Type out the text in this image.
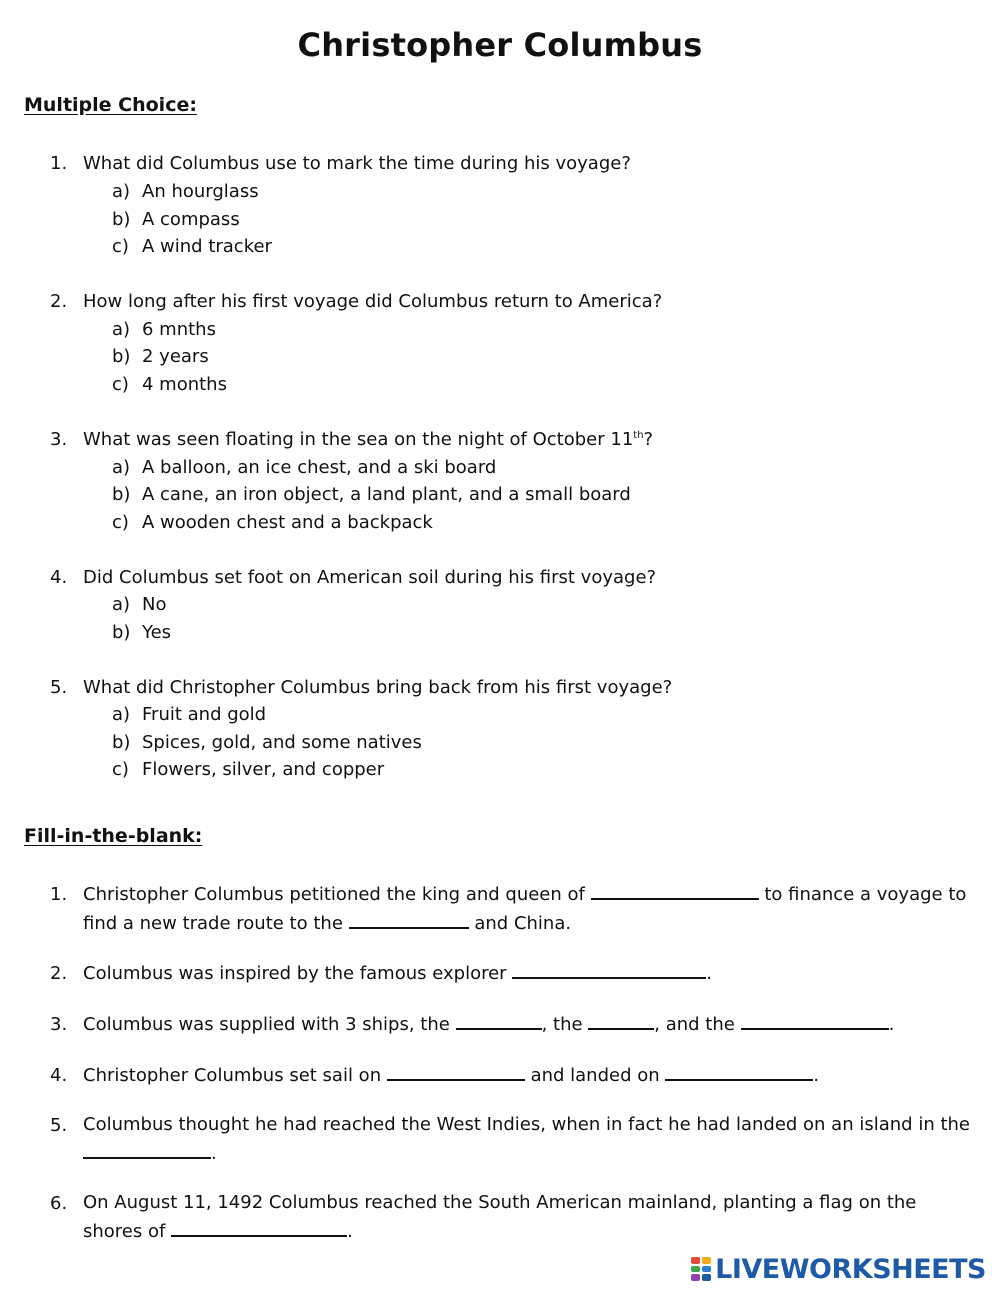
Christopher Columbus
Multiple Choice:
1. What did Columbus use to mark the time during his voyage?
a) An hourglass
b) A compass
c) A wind tracker
2. How long after his first voyage did Columbus return to America?
a) 6 mnths
b) 2 years
c) 4 months
3. What was seen floating in the sea on the night of October 11th?
a) A balloon, an ice chest, and a ski board
b) A cane, an iron object, a land plant, and a small board
c) A wooden chest and a backpack
4. Did Columbus set foot on American soil during his first voyage?
a) No
b) Yes
5. What did Christopher Columbus bring back from his first voyage?
a) Fruit and gold
b) Spices, gold, and some natives
c) Flowers, silver, and copper
Fill-in-the-blank:
1. Christopher Columbus petitioned the king and queen of	to finance a voyage to find a new trade route to the	and China.
2. Columbus was inspired by the famous explorer	.
3. Columbus was supplied with 3 ships, the	, the	, and the	.
4. Christopher Columbus set sail on	and landed on	.
5. Columbus thought he had reached the West Indies, when in fact he had landed on an island in the .
6. On August 11, 1492 Columbus reached the South American mainland, planting a flag on the shores of	.
LIVEWORKSHEETS
